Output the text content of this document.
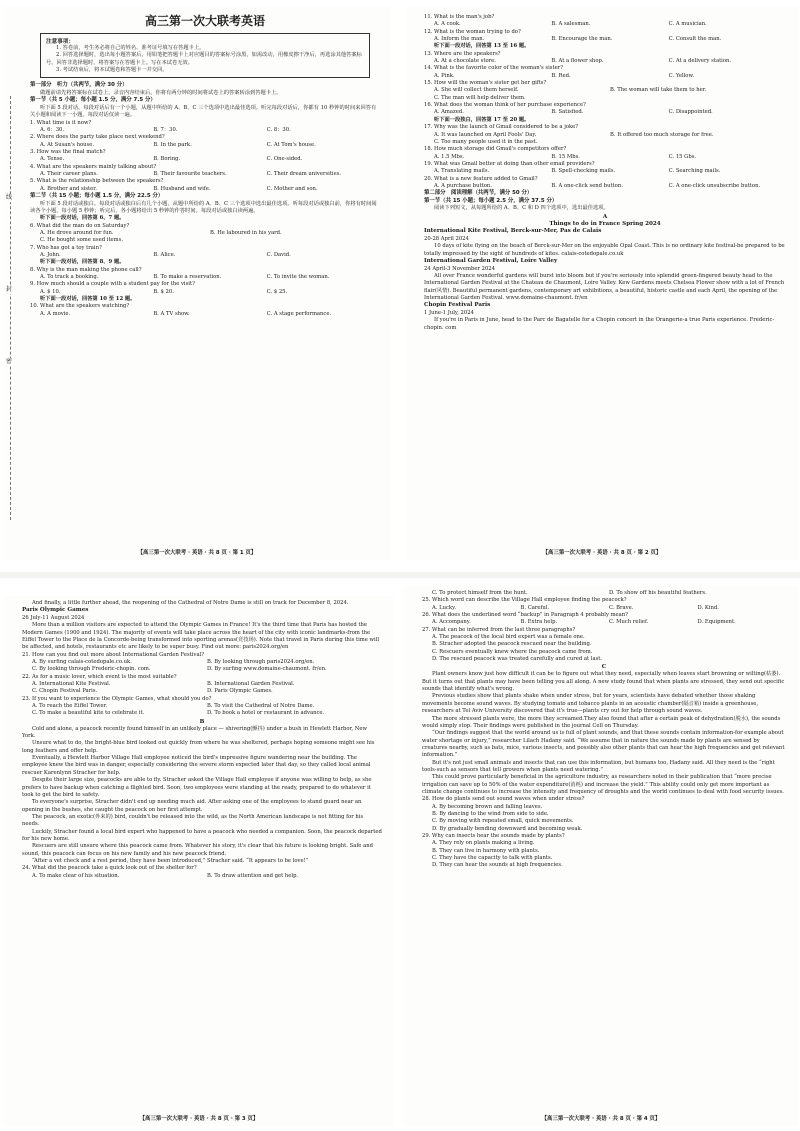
线
封
密
高三第一次大联考英语
注意事项：
1. 答卷前，考生务必将自己的姓名、准考证号填写在答题卡上。
2. 回答选择题时，选出每小题答案后，用铅笔把答题卡上对应题目的答案标号涂黑，如需改动，用橡皮擦干净后，再选涂其他答案标号。回答非选择题时，将答案写在答题卡上。写在本试卷无效。
3. 考试结束后，将本试题卷和答题卡一并交回。
第一部分　听力（共两节，满分 30 分）
做题前请先将答案标在试卷上，录音内容结束后，你将有两分钟的时间将试卷上的答案转涂到答题卡上。
第一节（共 5 小题；每小题 1.5 分，满分 7.5 分）
听下面 5 段对话。每段对话后有一个小题，从题中所给的 A、B、C 三个选项中选出最佳选项。听完每段对话后，你都有 10 秒钟的时间来回答有关小题和阅读下一小题。每段对话仅读一遍。
1. What time is it now?
A. 6：30.	B. 7：30.	C. 8：30.
2. Where does the party take place next weekend?
A. At Susan's house.	B. In the park.	C. At Tom's house.
3. How was the final match?
A. Tense.	B. Boring.	C. One-sided.
4. What are the speakers mainly talking about?
A. Their career plans.	B. Their favourite teachers.	C. Their dream universities.
5. What is the relationship between the speakers?
A. Brother and sister.	B. Husband and wife.	C. Mother and son.
第二节（共 15 小题；每小题 1.5 分，满分 22.5 分）
听下面 5 段对话或独白。每段对话或独白后有几个小题，从题中所给的 A、B、C 三个选项中选出最佳选项。听每段对话或独白前，你将有时间阅读各个小题，每小题 5 秒钟；听完后，各小题将给出 5 秒钟的作答时间。每段对话或独白读两遍。
听下面一段对话，回答第 6、7 题。
6. What did the man do on Saturday?
A. He drove around for fun.	B. He laboured in his yard.
C. He bought some used items.
7. Who has got a toy train?
A. John.	B. Alice.	C. David.
听下面一段对话，回答第 8、9 题。
8. Why is the man making the phone call?
A. To track a booking.	B. To make a reservation.	C. To invite the woman.
9. How much should a couple with a student pay for the visit?
A. $ 10.	B. $ 20.	C. $ 25.
听下面一段对话，回答第 10 至 12 题。
10. What are the speakers watching?
A. A movie.	B. A TV show.	C. A stage performance.
【高三第一次大联考 · 英语 · 共 8 页 · 第 1 页】
11. What is the man's job?
A. A cook.	B. A salesman.	C. A musician.
12. What is the woman trying to do?
A. Inform the man.	B. Encourage the man.	C. Consult the man.
听下面一段对话，回答第 13 至 16 题。
13. Where are the speakers?
A. At a chocolate store.	B. At a flower shop.	C. At a delivery station.
14. What is the favorite color of the woman's sister?
A. Pink.	B. Red.	C. Yellow.
15. How will the woman's sister get her gifts?
A. She will collect them herself.	B. The woman will take them to her.
C. The man will help deliver them.
16. What does the woman think of her purchase experience?
A. Amazed.	B. Satisfied.	C. Disappointed.
听下面一段独白，回答第 17 至 20 题。
17. Why was the launch of Gmail considered to be a joke?
A. It was launched on April Fools' Day.	B. It offered too much storage for free.
C. Too many people used it in the past.
18. How much storage did Gmail's competitors offer?
A. 1.5 Mbs.	B. 15 Mbs.	C. 15 Gbs.
19. What was Gmail better at doing than other email providers?
A. Translating mails.	B. Spell-checking mails.	C. Searching mails.
20. What is a new feature added to Gmail?
A. A purchase button.	B. A one-click send button.	C. A one-click unsubscribe button.
第二部分　阅读理解（共两节，满分 50 分）
第一节（共 15 小题；每小题 2.5 分，满分 37.5 分）
阅读下列短文，从每题所给的 A、B、C 和 D 四个选项中，选出最佳选项。
A
Things to do in France Spring 2024
International Kite Festival, Berck-sur-Mer, Pas de Calais
20-28 April 2024
10 days of kite flying on the beach of Berck-sur-Mer on the enjoyable Opal Coast. This is no ordinary kite festival-be prepared to be totally impressed by the sight of hundreds of kites. calais-cotedopale.co.uk
International Garden Festival, Loire Valley
24 April-3 November 2024
All over France wonderful gardens will burst into bloom but if you're seriously into splendid green-fingered beauty head to the International Garden Festival at the Chateau de Chaumont, Loire Valley. Kew Gardens meets Chelsea Flower show with a lot of French flair(风情). Beautiful permanent gardens, contemporary art exhibitions, a beautiful, historic castle and each April, the opening of the International Garden Festival. www.domaine-chaumont. fr/en
Chopin Festival Paris
1 June-1 July, 2024
If you're in Paris in June, head to the Parc de Bagatelle for a Chopin concert in the Orangerie-a true Paris experience. Frederic-chopin. com
【高三第一次大联考 · 英语 · 共 8 页 · 第 2 页】
And finally, a little further ahead, the reopening of the Cathedral of Notre Dame is still on track for December 8, 2024.
Paris Olympic Games
26 July-11 August 2024
More than a million visitors are expected to attend the Olympic Games in France! It's the third time that Paris has hosted the Modern Games (1900 and 1924). The majority of events will take place across the heart of the city with iconic landmarks-from the Eiffel Tower to the Place de la Concorde-being transformed into sporting arenas(竞技场). Note that travel in Paris during this time will be affected, and hotels, restaurants etc are likely to be super busy. Find out more: paris2024.org/en
21. How can you find out more about International Garden Festival?
A. By surfing calais-cotedopale.co.uk.	B. By looking through paris2024.org/en.
C. By looking through Frederic-chopin. com.	D. By surfing www.domaine-chaumont. fr/en.
22. As for a music lover, which event is the most suitable?
A. International Kite Festival.	B. International Garden Festival.
C. Chopin Festival Paris.	D. Paris Olympic Games.
23. If you want to experience the Olympic Games, what should you do?
A. To reach the Eiffel Tower.	B. To visit the Cathedral of Notre Dame.
C. To make a beautiful kite to celebrate it.	D. To book a hotel or restaurant in advance.
B
Cold and alone, a peacock recently found himself in an unlikely place — shivering(颤抖) under a bush in Hewlett Harbor, New York.
Unsure what to do, the bright-blue bird looked out quickly from where he was sheltered, perhaps hoping someone might see his long feathers and offer help.
Eventually, a Hewlett Harbor Village Hall employee noticed the bird's impressive figure wandering near the building. The employee knew the bird was in danger, especially considering the severe storm expected later that day, so they called local animal rescuer Karenlynn Stracher for help.
Despite their large size, peacocks are able to fly. Stracher asked the Village Hall employee if anyone was willing to help, as she prefers to have backup when catching a flighted bird. Soon, two employees were standing at the ready, prepared to do whatever it took to get the bird to safety.
To everyone's surprise, Stracher didn't end up needing much aid. After asking one of the employees to stand guard near an opening in the bushes, she caught the peacock on her first attempt.
The peacock, an exotic(外来的) bird, couldn't be released into the wild, as the North American landscape is not fitting for his needs.
Luckily, Stracher found a local bird expert who happened to have a peacock who needed a companion. Soon, the peacock departed for his new home.
Rescuers are still unsure where this peacock came from. Whatever his story, it's clear that his future is looking bright. Safe and sound, this peacock can focus on his new family and his new peacock friend.
“After a vet check and a rest period, they have been introduced,” Stracher said. “It appears to be love!”
24. What did the peacock take a quick look out of the shelter for?
A. To make clear of his situation.	B. To draw attention and get help.
【高三第一次大联考 · 英语 · 共 8 页 · 第 3 页】
C. To protect himself from the hunt.	D. To show off his beautiful feathers.
25. Which word can describe the Village Hall employee finding the peacock?
A. Lucky.	B. Careful.	C. Brave.	D. Kind.
26. What does the underlined word “backup” in Paragraph 4 probably mean?
A. Accompany.	B. Extra help.	C. Much relief.	D. Equipment.
27. What can be inferred from the last three paragraphs?
A. The peacock of the local bird expert was a female one.
B. Stracher adopted the peacock rescued near the building.
C. Rescuers eventually knew where the peacock came from.
D. The rescued peacock was treated carefully and cured at last.
C
Plant owners know just how difficult it can be to figure out what they need, especially when leaves start browning or wilting(枯萎). But it turns out that plants may have been telling you all along. A new study found that when plants are stressed, they send out specific sounds that identify what's wrong.
Previous studies show that plants shake when under stress, but for years, scientists have debated whether those shaking movements become sound waves. By studying tomato and tobacco plants in an acoustic chamber(隔音箱) inside a greenhouse, researchers at Tel Aviv University discovered that it's true—plants cry out for help through sound waves.
The more stressed plants were, the more they screamed.They also found that after a certain peak of dehydration(脱水), the sounds would simply stop. Their findings were published in the journal Cell on Thursday.
“Our findings suggest that the world around us is full of plant sounds, and that these sounds contain information-for example about water shortage or injury,” researcher Lilach Hadany said. “We assume that in nature the sounds made by plants are sensed by creatures nearby, such as bats, mice, various insects, and possibly also other plants that can hear the high frequencies and get relevant information.”
But it's not just small animals and insects that can use this information, but humans too, Hadany said. All they need is the “right tools-such as sensors that tell growers when plants need watering.”
This could prove particularly beneficial in the agriculture industry, as researchers noted in their publication that “more precise irrigation can save up to 50% of the water expenditure(消耗) and increase the yield.” This ability could only get more important as climate change continues to increase the intensity and frequency of droughts and the world continues to deal with food security issues.
28. How do plants send out sound waves when under stress?
A. By becoming brown and falling leaves.
B. By dancing to the wind from side to side.
C. By moving with repeated small, quick movements.
D. By gradually bending downward and becoming weak.
29. Why can insects hear the sounds made by plants?
A. They rely on plants making a living.
B. They can live in harmony with plants.
C. They have the capacity to talk with plants.
D. They can hear the sounds at high frequencies.
【高三第一次大联考 · 英语 · 共 8 页 · 第 4 页】
